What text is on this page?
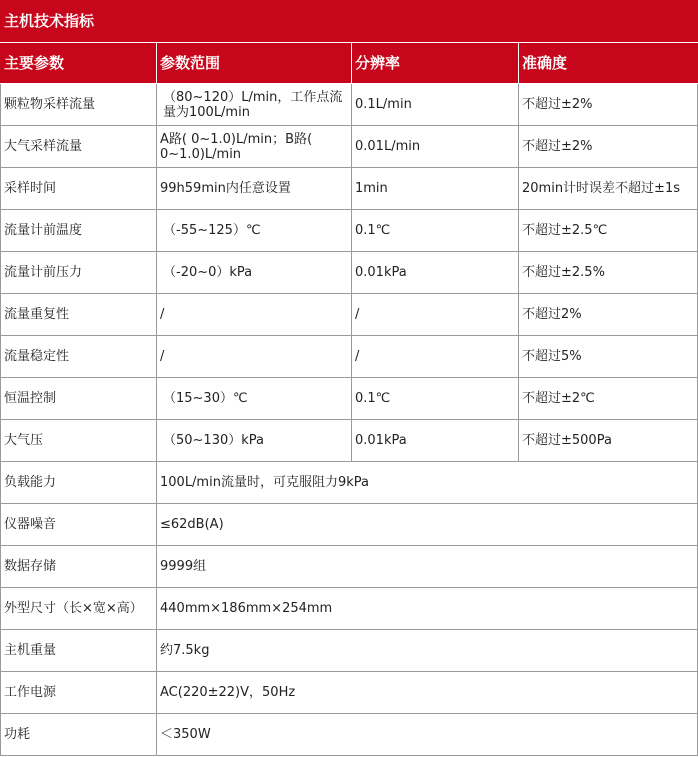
主机技术指标			
主要参数	参数范围	分辨率	准确度
颗粒物采样流量	（80~120）L/min，工作点流量为100L/min	0.1L/min	不超过±2%
大气采样流量	A路( 0~1.0)L/min；B路( 0~1.0)L/min	0.01L/min	不超过±2%
采样时间	99h59min内任意设置	1min	20min计时误差不超过±1s
流量计前温度	（-55~125）℃	0.1℃	不超过±2.5℃
流量计前压力	（-20~0）kPa	0.01kPa	不超过±2.5%
流量重复性	/	/	不超过2%
流量稳定性	/	/	不超过5%
恒温控制	（15~30）℃	0.1℃	不超过±2℃
大气压	（50~130）kPa	0.01kPa	不超过±500Pa
负载能力	100L/min流量时，可克服阻力9kPa		
仪器噪音	≤62dB(A)		
数据存储	9999组		
外型尺寸（长×宽×高）	440mm×186mm×254mm		
主机重量	约7.5kg		
工作电源	AC(220±22)V，50Hz		
功耗	＜350W		
